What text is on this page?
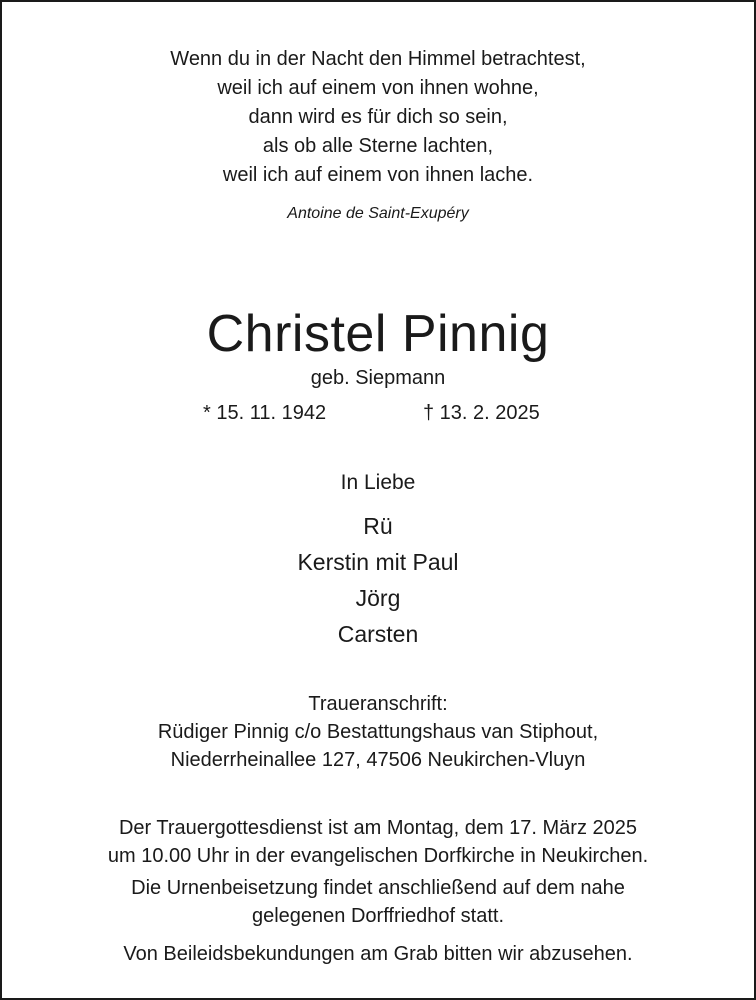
Wenn du in der Nacht den Himmel betrachtest,
weil ich auf einem von ihnen wohne,
dann wird es für dich so sein,
als ob alle Sterne lachten,
weil ich auf einem von ihnen lache.
Antoine de Saint-Exupéry
Christel Pinnig
geb. Siepmann
* 15. 11. 1942	† 13. 2. 2025
In Liebe
Rü
Kerstin mit Paul
Jörg
Carsten
Traueranschrift:
Rüdiger Pinnig c/o Bestattungshaus van Stiphout,
Niederrheinallee 127, 47506 Neukirchen-Vluyn
Der Trauergottesdienst ist am Montag, dem 17. März 2025
um 10.00 Uhr in der evangelischen Dorfkirche in Neukirchen.
Die Urnenbeisetzung findet anschließend auf dem nahe
gelegenen Dorffriedhof statt.
Von Beileidsbekundungen am Grab bitten wir abzusehen.
